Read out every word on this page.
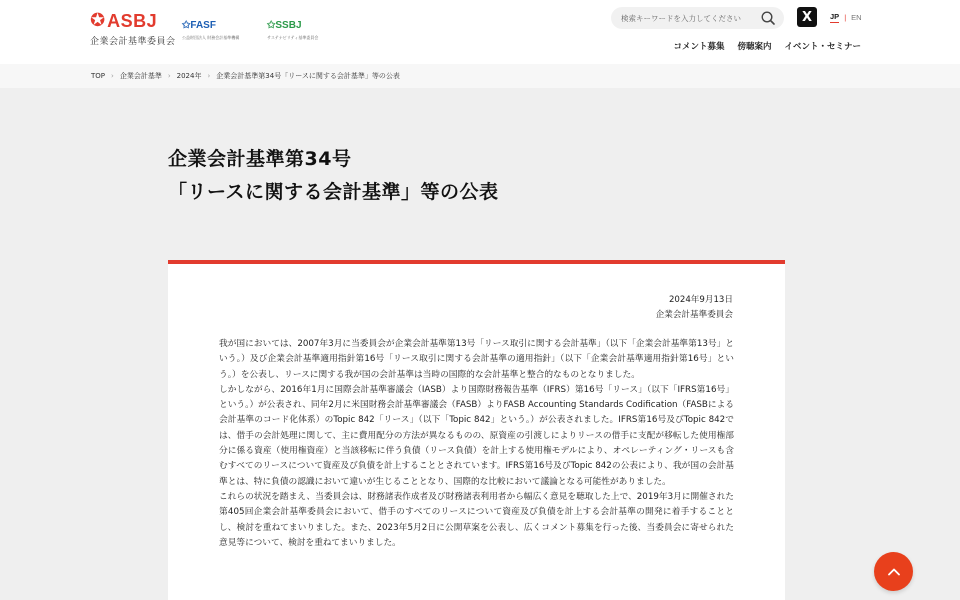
✪ ASBJ
企業会計基準委員会
✩ FASF
公益財団法人 財務会計基準機構
✩ SSBJ
サステナビリティ基準委員会
検索キーワードを入力してください
X	JP | EN
コメント募集 傍聴案内 イベント・セミナー
TOP › 企業会計基準 › 2024年 › 企業会計基準第34号「リースに関する会計基準」等の公表
企業会計基準第34号
「リースに関する会計基準」等の公表
2024年9月13日
企業会計基準委員会

我が国においては、2007年3月に当委員会が企業会計基準第13号「リース取引に関する会計基準」（以下「企業会計基準第13号」という。）及び企業会計基準適用指針第16号「リース取引に関する会計基準の適用指針」（以下「企業会計基準適用指針第16号」という。）を公表し、リースに関する我が国の会計基準は当時の国際的な会計基準と整合的なものとなりました。

しかしながら、2016年1月に国際会計基準審議会（IASB）より国際財務報告基準（IFRS）第16号「リース」（以下「IFRS第16号」という。）が公表され、同年2月に米国財務会計基準審議会（FASB）よりFASB Accounting Standards Codification（FASBによる会計基準のコード化体系）のTopic 842「リース」（以下「Topic 842」という。）が公表されました。IFRS第16号及びTopic 842では、借手の会計処理に関して、主に費用配分の方法が異なるものの、原資産の引渡しによりリースの借手に支配が移転した使用権部分に係る資産（使用権資産）と当該移転に伴う負債（リース負債）を計上する使用権モデルにより、オペレーティング・リースも含むすべてのリースについて資産及び負債を計上することとされています。IFRS第16号及びTopic 842の公表により、我が国の会計基準とは、特に負債の認識において違いが生じることとなり、国際的な比較において議論となる可能性がありました。

これらの状況を踏まえ、当委員会は、財務諸表作成者及び財務諸表利用者から幅広く意見を聴取した上で、2019年3月に開催された第405回企業会計基準委員会において、借手のすべてのリースについて資産及び負債を計上する会計基準の開発に着手することとし、検討を重ねてまいりました。また、2023年5月2日に公開草案を公表し、広くコメント募集を行った後、当委員会に寄せられた意見等について、検討を重ねてまいりました。
